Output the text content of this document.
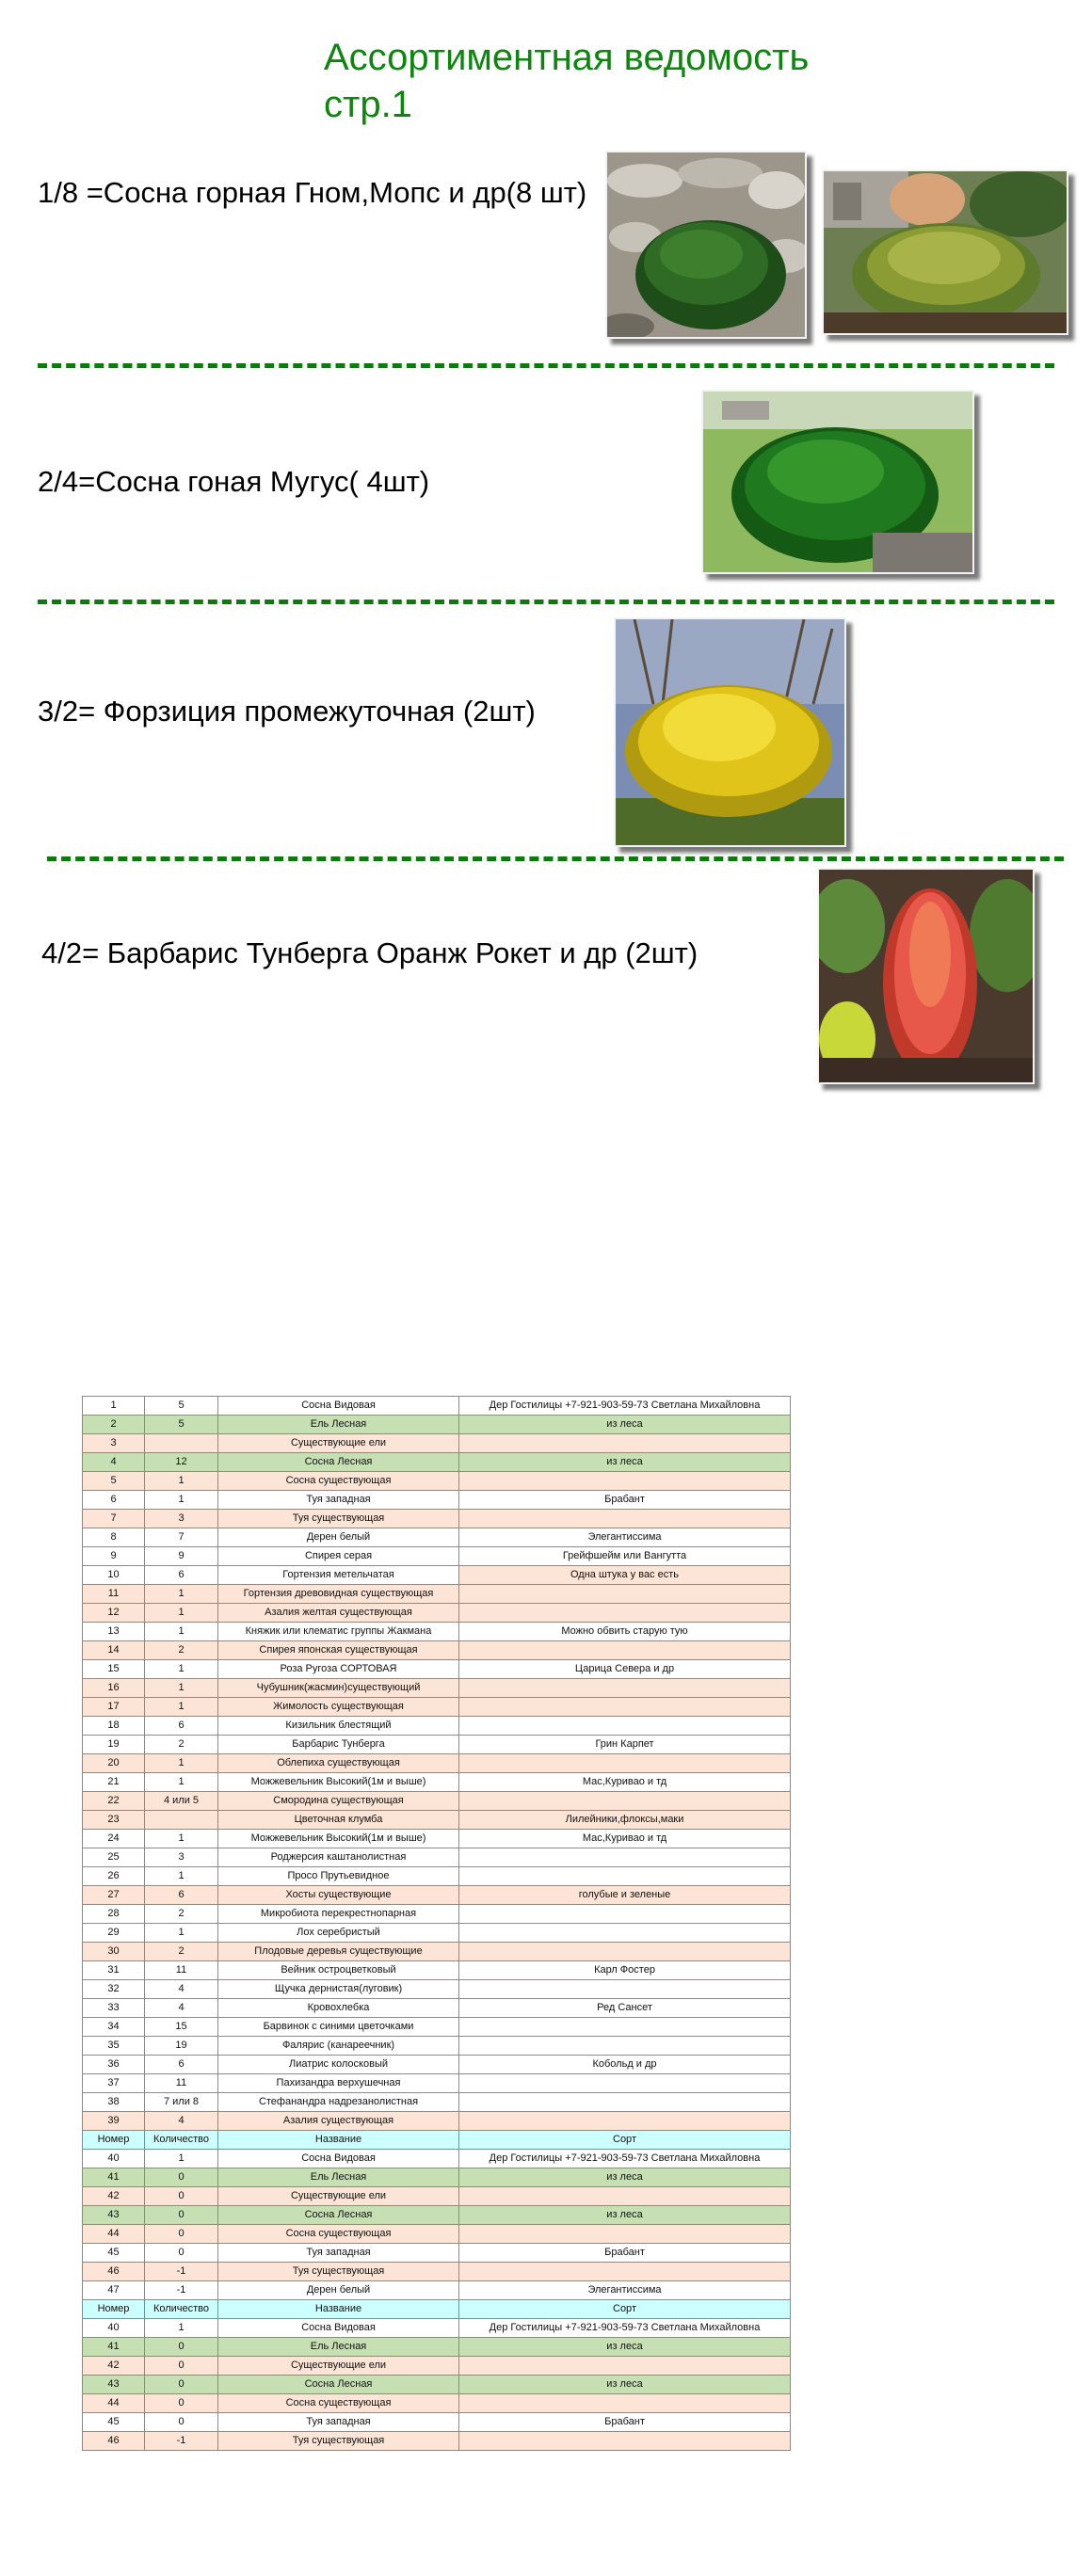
Ассортиментная ведомость стр.1
1/8 =Сосна горная Гном,Мопс и др(8 шт)
2/4=Сосна гоная Мугус( 4шт)
3/2= Форзиция промежуточная (2шт)
4/2= Барбарис Тунберга Оранж Рокет и др (2шт)
1	5	Сосна Видовая	Дер Гостилицы +7-921-903-59-73 Светлана Михайловна
2	5	Ель Лесная	из леса
3		Существующие ели	
4	12	Сосна Лесная	из леса
5	1	Сосна существующая	
6	1	Туя западная	Брабант
7	3	Туя существующая	
8	7	Дерен белый	Элегантиссима
9	9	Спирея серая	Грейфшейм или Вангутта
10	6	Гортензия метельчатая	Одна штука у вас есть
11	1	Гортензия древовидная существующая	
12	1	Азалия желтая существующая	
13	1	Княжик или клематис группы Жакмана	Можно обвить старую тую
14	2	Спирея японская существующая	
15	1	Роза Ругоза СОРТОВАЯ	Царица Севера и др
16	1	Чубушник(жасмин)существующий	
17	1	Жимолость существующая	
18	6	Кизильник блестящий	
19	2	Барбарис Тунберга	Грин Карпет
20	1	Облепиха существующая	
21	1	Можжевельник Высокий(1м и выше)	Мас,Куривао и тд
22	4 или 5	Смородина существующая	
23		Цветочная клумба	Лилейники,флоксы,маки
24	1	Можжевельник Высокий(1м и выше)	Мас,Куривао и тд
25	3	Роджерсия каштанолистная	
26	1	Просо Прутьевидное	
27	6	Хосты существующие	голубые и зеленые
28	2	Микробиота перекрестнопарная	
29	1	Лох серебристый	
30	2	Плодовые деревья существующие	
31	11	Вейник остроцветковый	Карл Фостер
32	4	Щучка дернистая(луговик)	
33	4	Кровохлебка	Ред Сансет
34	15	Барвинок с синими цветочками	
35	19	Фалярис (канареечник)	
36	6	Лиатрис колосковый	Кобольд и др
37	11	Пахизандра верхушечная	
38	7 или 8	Стефанандра надрезанолистная	
39	4	Азалия существующая	
Номер	Количество	Название	Сорт
40	1	Сосна Видовая	Дер Гостилицы +7-921-903-59-73 Светлана Михайловна
41	0	Ель Лесная	из леса
42	0	Существующие ели	
43	0	Сосна Лесная	из леса
44	0	Сосна существующая	
45	0	Туя западная	Брабант
46	-1	Туя существующая	
47	-1	Дерен белый	Элегантиссима
Номер	Количество	Название	Сорт
40	1	Сосна Видовая	Дер Гостилицы +7-921-903-59-73 Светлана Михайловна
41	0	Ель Лесная	из леса
42	0	Существующие ели	
43	0	Сосна Лесная	из леса
44	0	Сосна существующая	
45	0	Туя западная	Брабант
46	-1	Туя существующая	
